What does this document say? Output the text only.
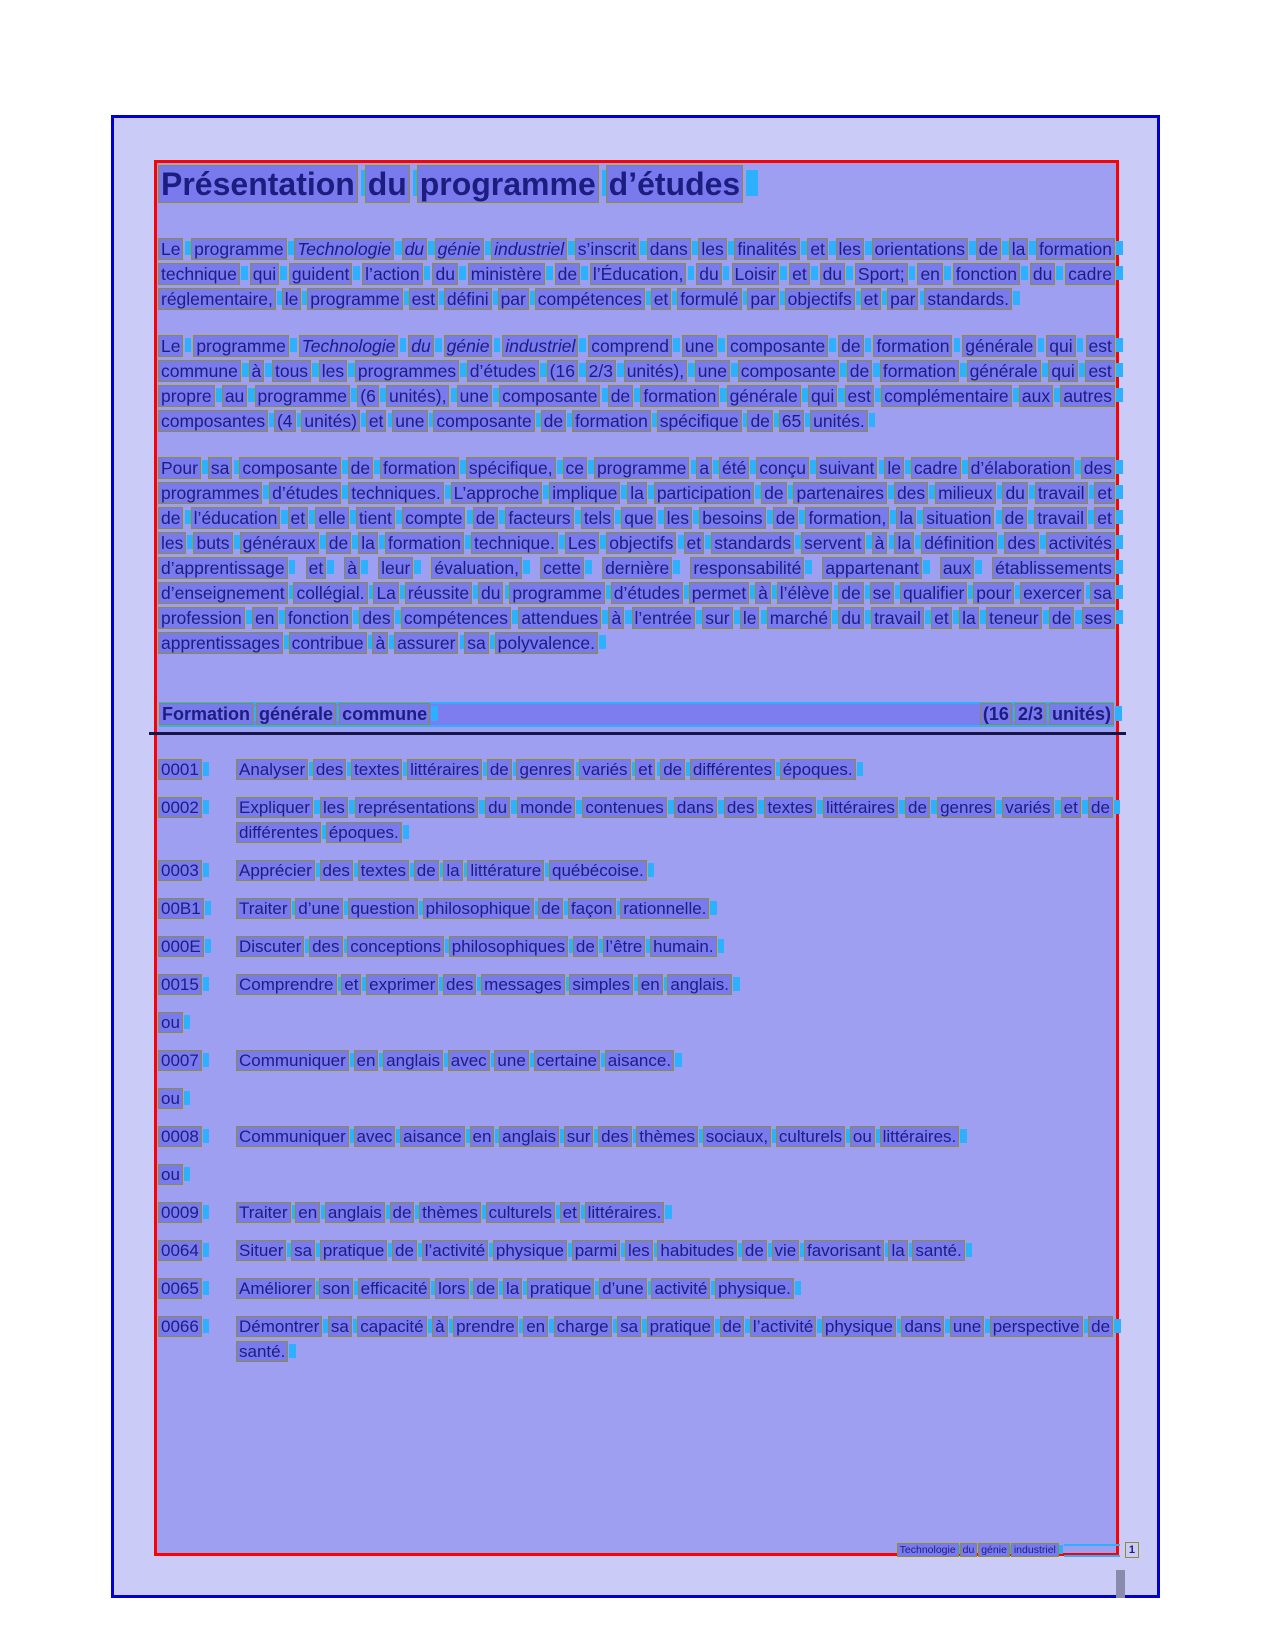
Présentation du programme d’études

Le programme Technologie du génie industriel s’inscrit dans les finalités et les orientations de la formation technique qui guident l’action du ministère de l’Éducation, du Loisir et du Sport; en fonction du cadre réglementaire, le programme est défini par compétences et formulé par objectifs et par standards.

Le programme Technologie du génie industriel comprend une composante de formation générale qui est commune à tous les programmes d’études (16 2/3 unités), une composante de formation générale qui est propre au programme (6 unités), une composante de formation générale qui est complémentaire aux autres composantes (4 unités) et une composante de formation spécifique de 65 unités.

Pour sa composante de formation spécifique, ce programme a été conçu suivant le cadre d’élaboration des programmes d’études techniques. L’approche implique la participation de partenaires des milieux du travail et de l’éducation et elle tient compte de facteurs tels que les besoins de formation, la situation de travail et les buts généraux de la formation technique. Les objectifs et standards servent à la définition des activités d’apprentissage et à leur évaluation, cette dernière responsabilité appartenant aux établissements d’enseignement collégial. La réussite du programme d’études permet à l’élève de se qualifier pour exercer sa profession en fonction des compétences attendues à l’entrée sur le marché du travail et la teneur de ses apprentissages contribue à assurer sa polyvalence.

Formation générale commune	(16 2/3 unités)
0001	Analyser des textes littéraires de genres variés et de différentes époques.
0002	Expliquer les représentations du monde contenues dans des textes littéraires de genres variés et de différentes époques.
0003	Apprécier des textes de la littérature québécoise.
00B1	Traiter d’une question philosophique de façon rationnelle.
000E	Discuter des conceptions philosophiques de l’être humain.
0015	Comprendre et exprimer des messages simples en anglais.
ou
0007	Communiquer en anglais avec une certaine aisance.
ou
0008	Communiquer avec aisance en anglais sur des thèmes sociaux, culturels ou littéraires.
ou
0009	Traiter en anglais de thèmes culturels et littéraires.
0064	Situer sa pratique de l’activité physique parmi les habitudes de vie favorisant la santé.
0065	Améliorer son efficacité lors de la pratique d’une activité physique.
0066	Démontrer sa capacité à prendre en charge sa pratique de l’activité physique dans une perspective de santé.
Technologie du génie industriel	1
